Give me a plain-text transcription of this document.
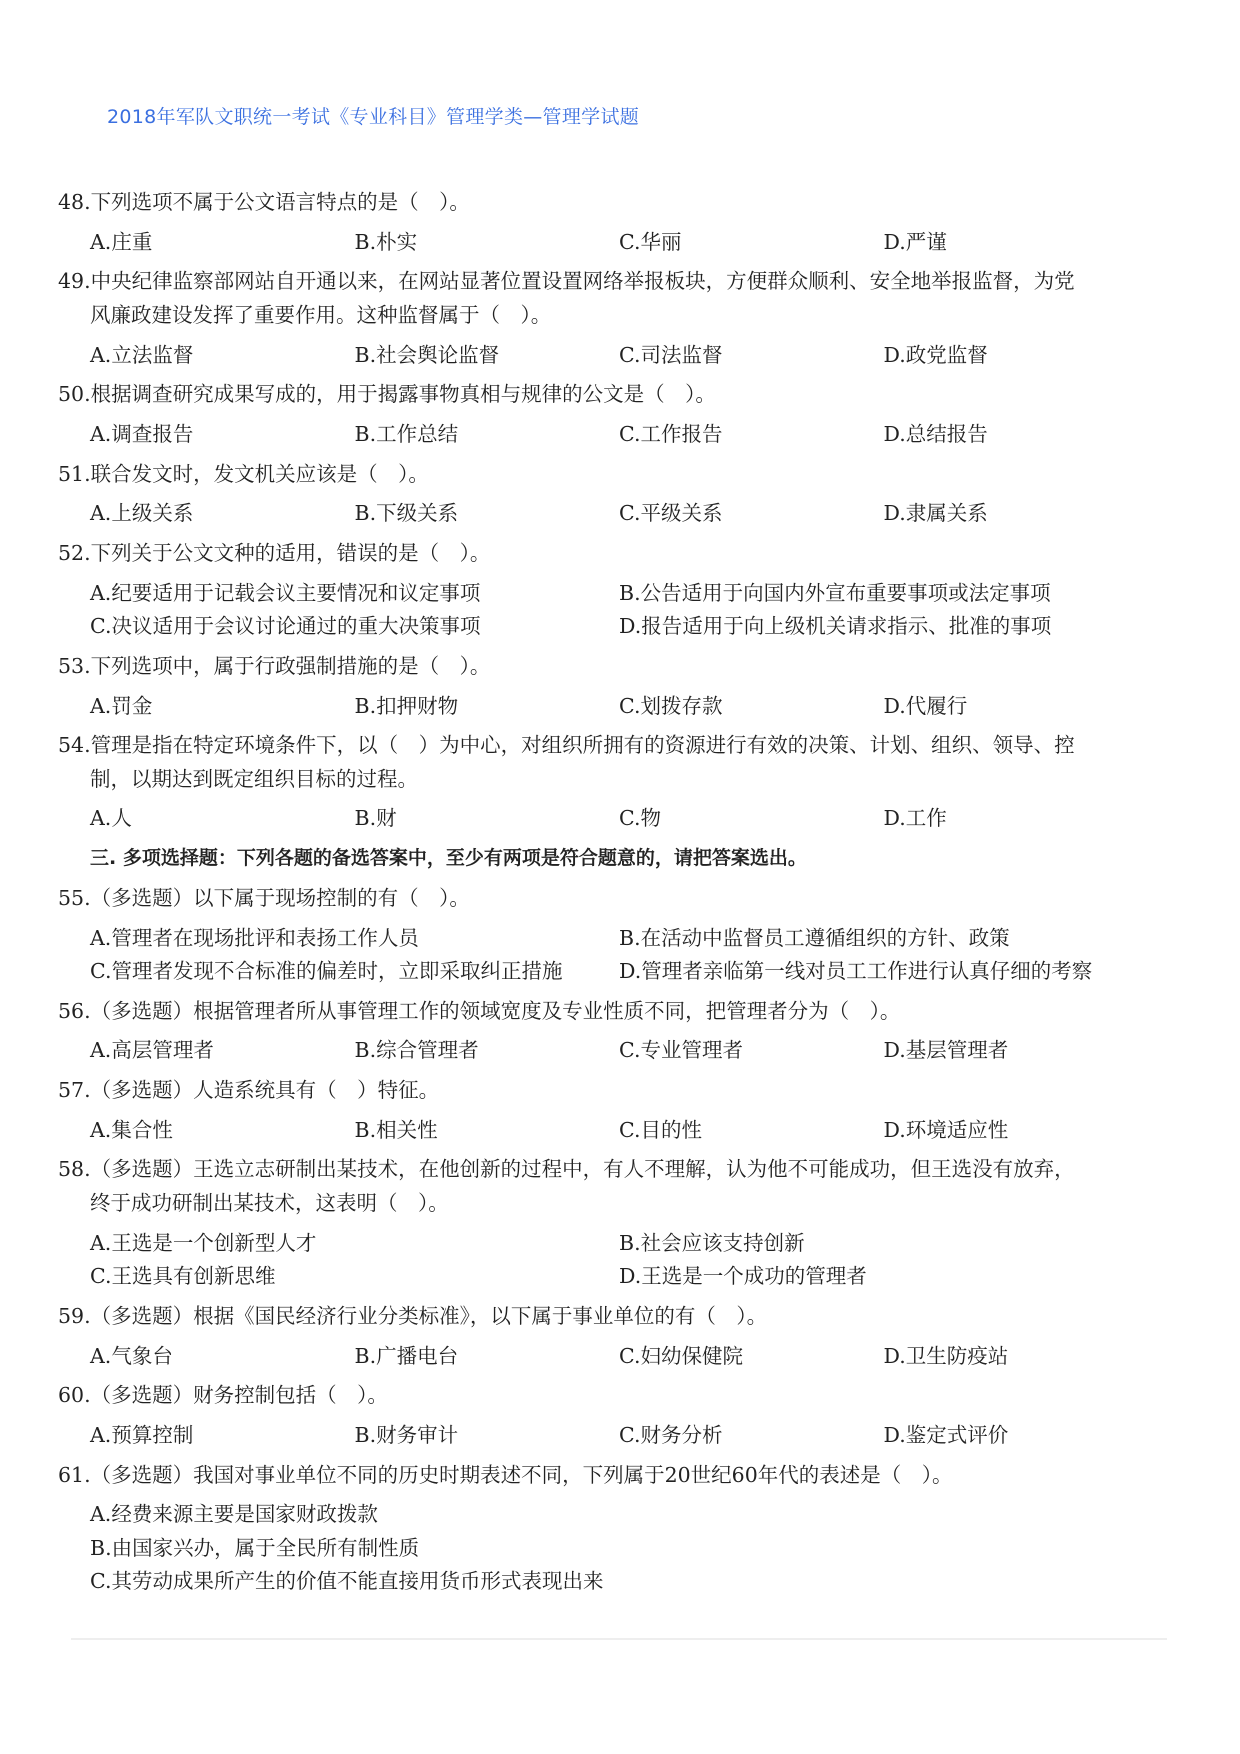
2018年军队文职统一考试《专业科目》管理学类—管理学试题
48.下列选项不属于公文语言特点的是（　）。
A.庄重	B.朴实	C.华丽	D.严谨
49.中央纪律监察部网站自开通以来，在网站显著位置设置网络举报板块，方便群众顺利、安全地举报监督，为党
风廉政建设发挥了重要作用。这种监督属于（　）。
A.立法监督	B.社会舆论监督	C.司法监督	D.政党监督
50.根据调查研究成果写成的，用于揭露事物真相与规律的公文是（　）。
A.调查报告	B.工作总结	C.工作报告	D.总结报告
51.联合发文时，发文机关应该是（　）。
A.上级关系	B.下级关系	C.平级关系	D.隶属关系
52.下列关于公文文种的适用，错误的是（　）。
A.纪要适用于记载会议主要情况和议定事项	B.公告适用于向国内外宣布重要事项或法定事项
C.决议适用于会议讨论通过的重大决策事项	D.报告适用于向上级机关请求指示、批准的事项
53.下列选项中，属于行政强制措施的是（　）。
A.罚金	B.扣押财物	C.划拨存款	D.代履行
54.管理是指在特定环境条件下，以（　）为中心，对组织所拥有的资源进行有效的决策、计划、组织、领导、控
制，以期达到既定组织目标的过程。
A.人	B.财	C.物	D.工作
三. 多项选择题：下列各题的备选答案中，至少有两项是符合题意的，请把答案选出。
55.（多选题）以下属于现场控制的有（　）。
A.管理者在现场批评和表扬工作人员	B.在活动中监督员工遵循组织的方针、政策
C.管理者发现不合标准的偏差时，立即采取纠正措施	D.管理者亲临第一线对员工工作进行认真仔细的考察
56.（多选题）根据管理者所从事管理工作的领域宽度及专业性质不同，把管理者分为（　）。
A.高层管理者	B.综合管理者	C.专业管理者	D.基层管理者
57.（多选题）人造系统具有（　）特征。
A.集合性	B.相关性	C.目的性	D.环境适应性
58.（多选题）王选立志研制出某技术，在他创新的过程中，有人不理解，认为他不可能成功，但王选没有放弃，
终于成功研制出某技术，这表明（　）。
A.王选是一个创新型人才	B.社会应该支持创新
C.王选具有创新思维	D.王选是一个成功的管理者
59.（多选题）根据《国民经济行业分类标准》，以下属于事业单位的有（　）。
A.气象台	B.广播电台	C.妇幼保健院	D.卫生防疫站
60.（多选题）财务控制包括（　）。
A.预算控制	B.财务审计	C.财务分析	D.鉴定式评价
61.（多选题）我国对事业单位不同的历史时期表述不同，下列属于20世纪60年代的表述是（　）。
A.经费来源主要是国家财政拨款
B.由国家兴办，属于全民所有制性质
C.其劳动成果所产生的价值不能直接用货币形式表现出来
